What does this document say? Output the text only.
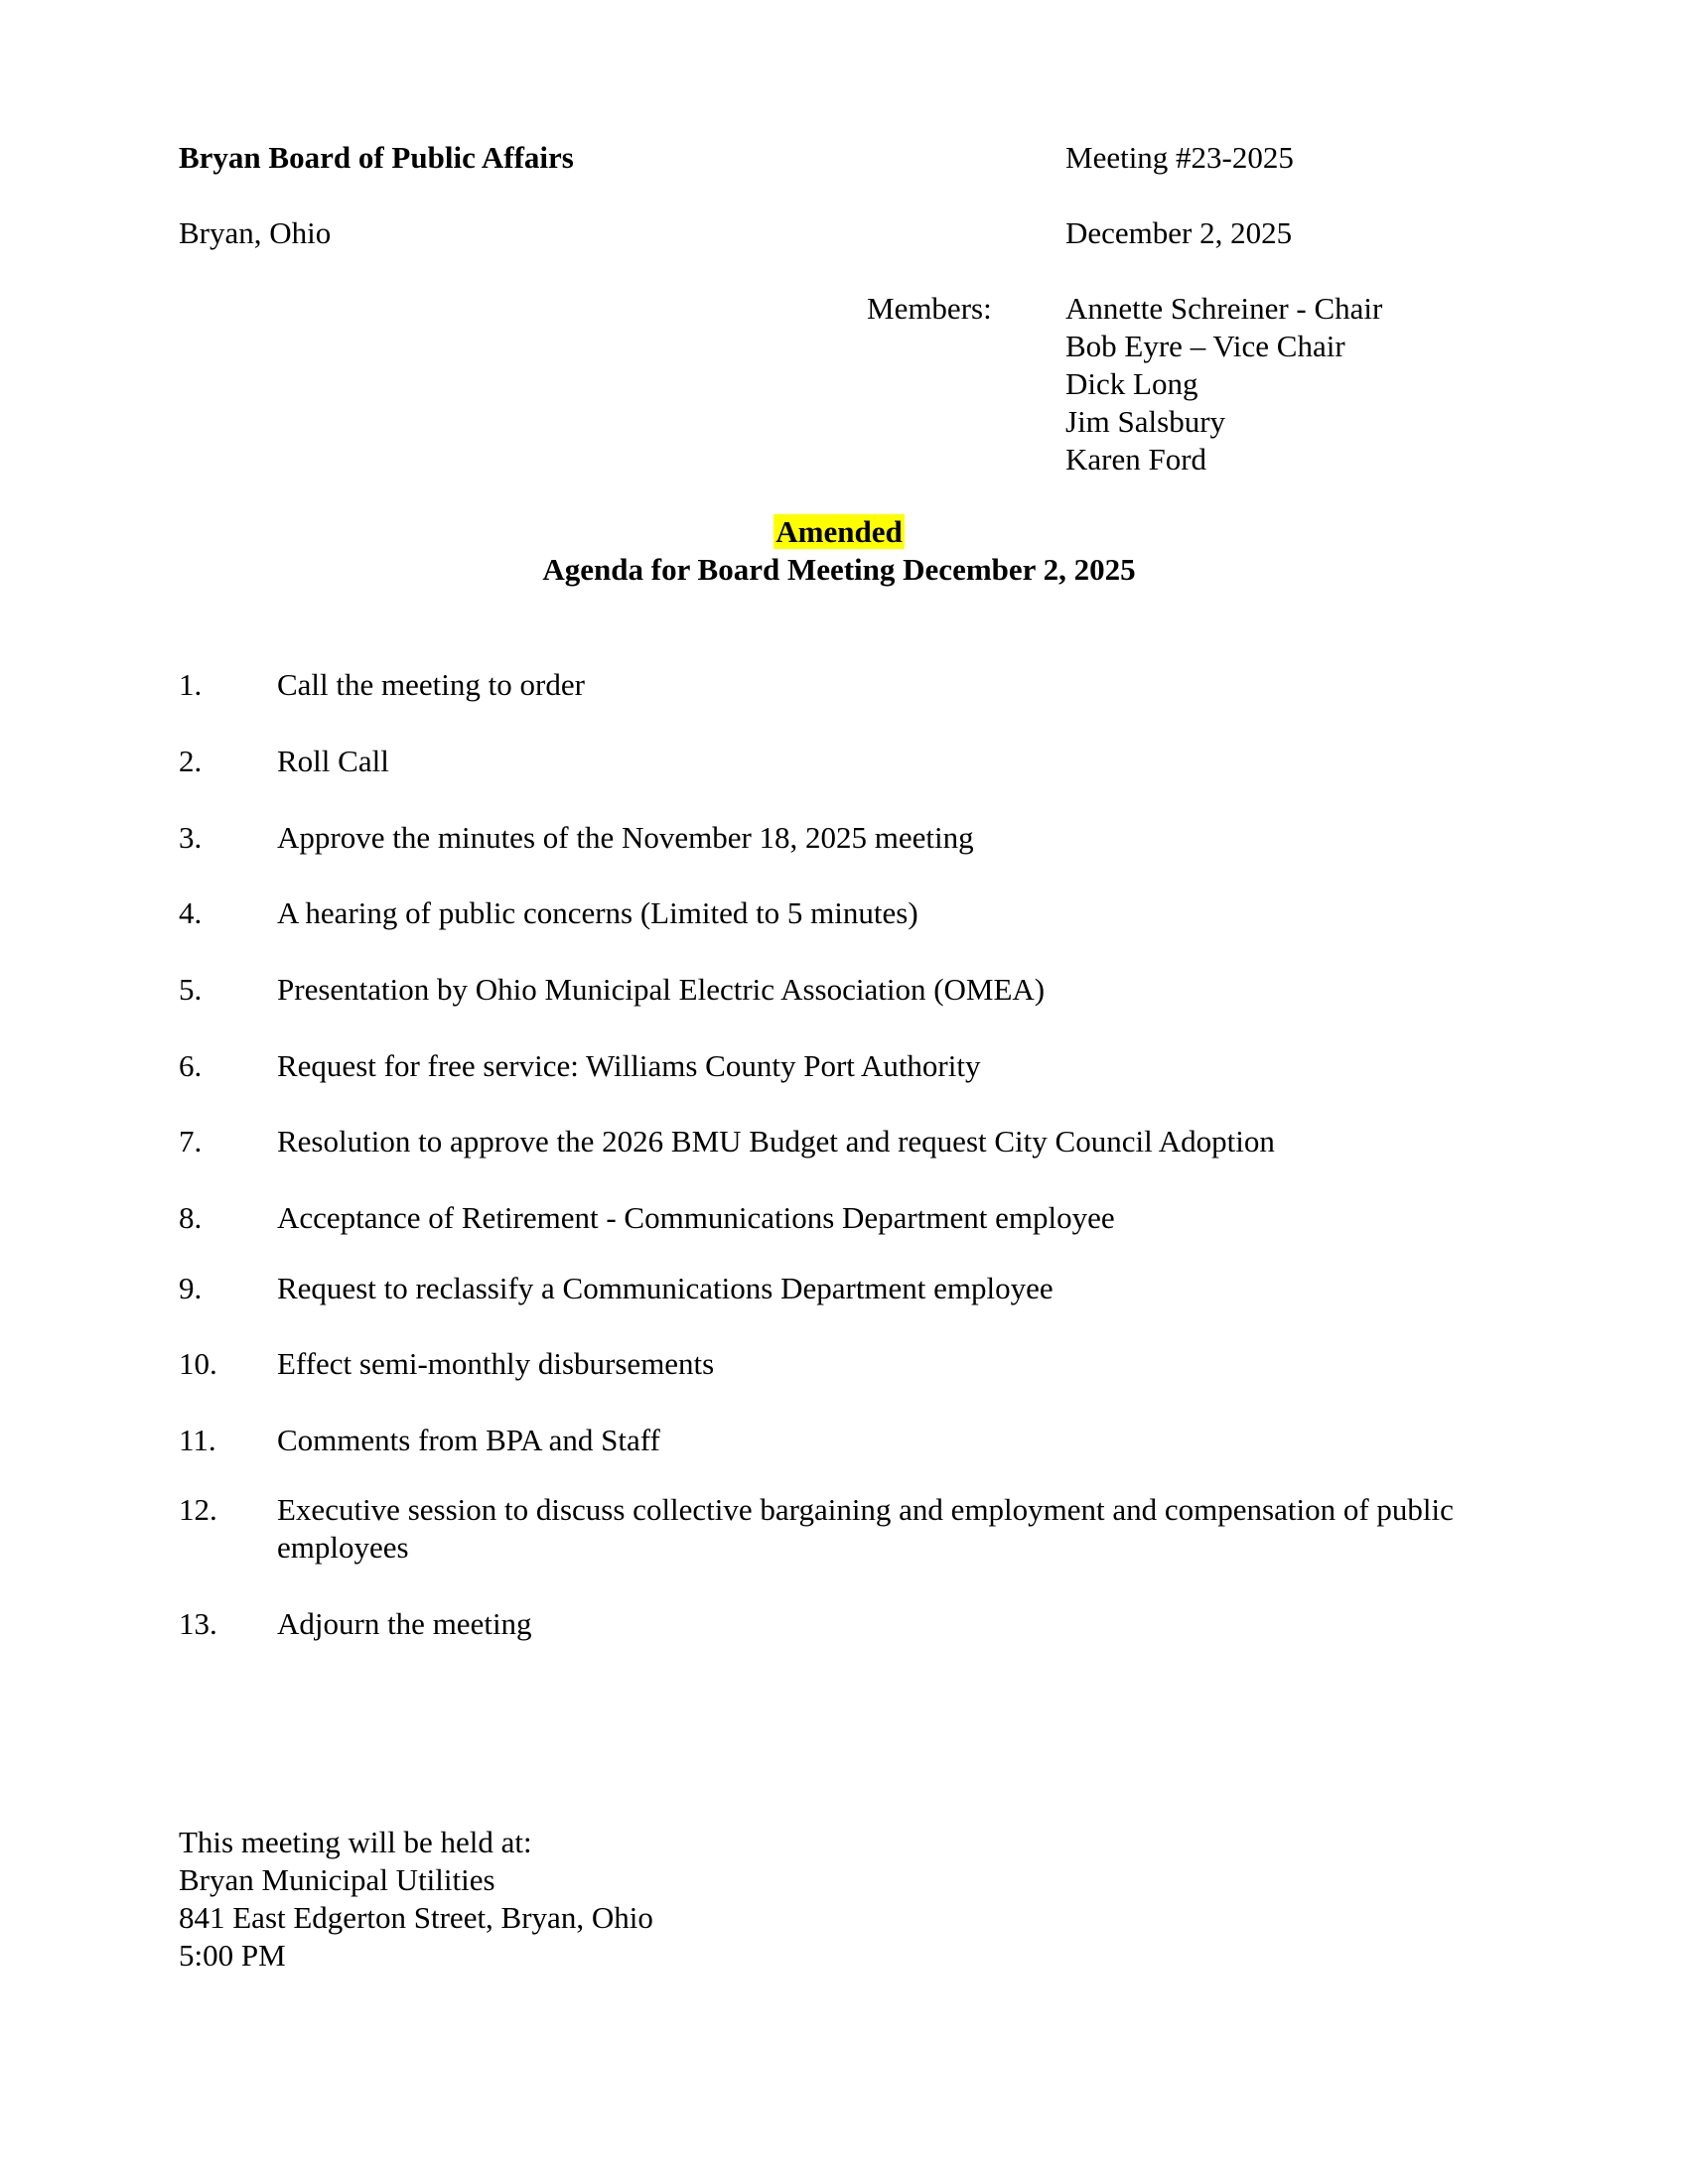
Bryan Board of Public Affairs	Meeting #23-2025
Bryan, Ohio	December 2, 2025
Members: Annette Schreiner - Chair
Bob Eyre – Vice Chair
Dick Long
Jim Salsbury
Karen Ford
Amended
Agenda for Board Meeting December 2, 2025
1. Call the meeting to order
2. Roll Call
3. Approve the minutes of the November 18, 2025 meeting
4. A hearing of public concerns (Limited to 5 minutes)
5. Presentation by Ohio Municipal Electric Association (OMEA)
6. Request for free service: Williams County Port Authority
7. Resolution to approve the 2026 BMU Budget and request City Council Adoption
8. Acceptance of Retirement - Communications Department employee
9. Request to reclassify a Communications Department employee
10. Effect semi-monthly disbursements
11. Comments from BPA and Staff
12. Executive session to discuss collective bargaining and employment and compensation of public employees
13. Adjourn the meeting
This meeting will be held at:
Bryan Municipal Utilities
841 East Edgerton Street, Bryan, Ohio
5:00 PM
